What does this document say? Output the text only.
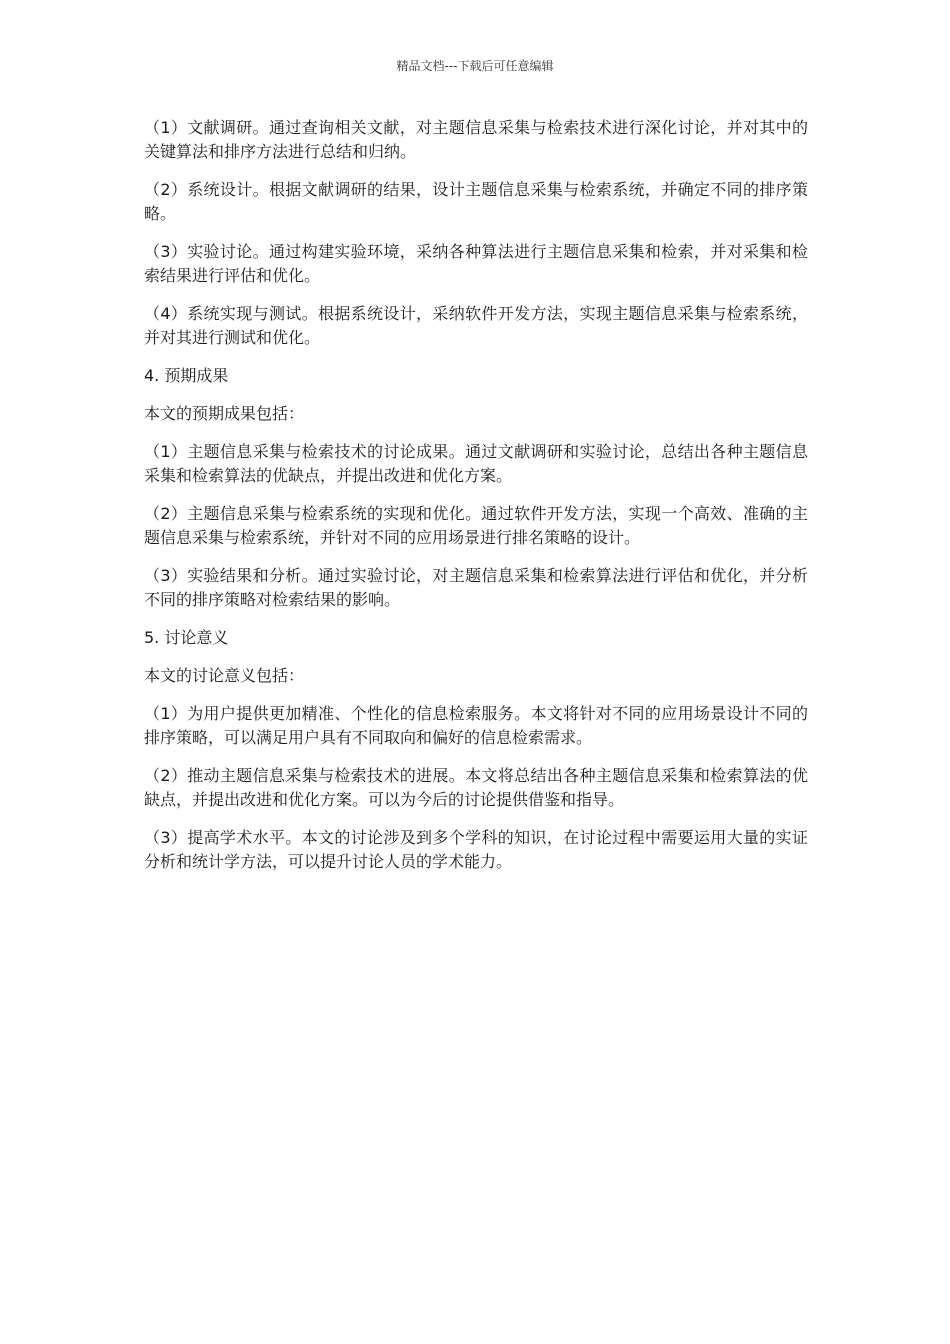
精品文档---下载后可任意编辑

（1）文献调研。通过查询相关文献，对主题信息采集与检索技术进行深化讨论，并对其中的关键算法和排序方法进行总结和归纳。

（2）系统设计。根据文献调研的结果，设计主题信息采集与检索系统，并确定不同的排序策略。

（3）实验讨论。通过构建实验环境，采纳各种算法进行主题信息采集和检索，并对采集和检索结果进行评估和优化。

（4）系统实现与测试。根据系统设计，采纳软件开发方法，实现主题信息采集与检索系统，并对其进行测试和优化。

4. 预期成果

本文的预期成果包括：

（1）主题信息采集与检索技术的讨论成果。通过文献调研和实验讨论，总结出各种主题信息采集和检索算法的优缺点，并提出改进和优化方案。

（2）主题信息采集与检索系统的实现和优化。通过软件开发方法，实现一个高效、准确的主题信息采集与检索系统，并针对不同的应用场景进行排名策略的设计。

（3）实验结果和分析。通过实验讨论，对主题信息采集和检索算法进行评估和优化，并分析不同的排序策略对检索结果的影响。

5. 讨论意义

本文的讨论意义包括：

（1）为用户提供更加精准、个性化的信息检索服务。本文将针对不同的应用场景设计不同的排序策略，可以满足用户具有不同取向和偏好的信息检索需求。

（2）推动主题信息采集与检索技术的进展。本文将总结出各种主题信息采集和检索算法的优缺点，并提出改进和优化方案。可以为今后的讨论提供借鉴和指导。

（3）提高学术水平。本文的讨论涉及到多个学科的知识，在讨论过程中需要运用大量的实证分析和统计学方法，可以提升讨论人员的学术能力。
